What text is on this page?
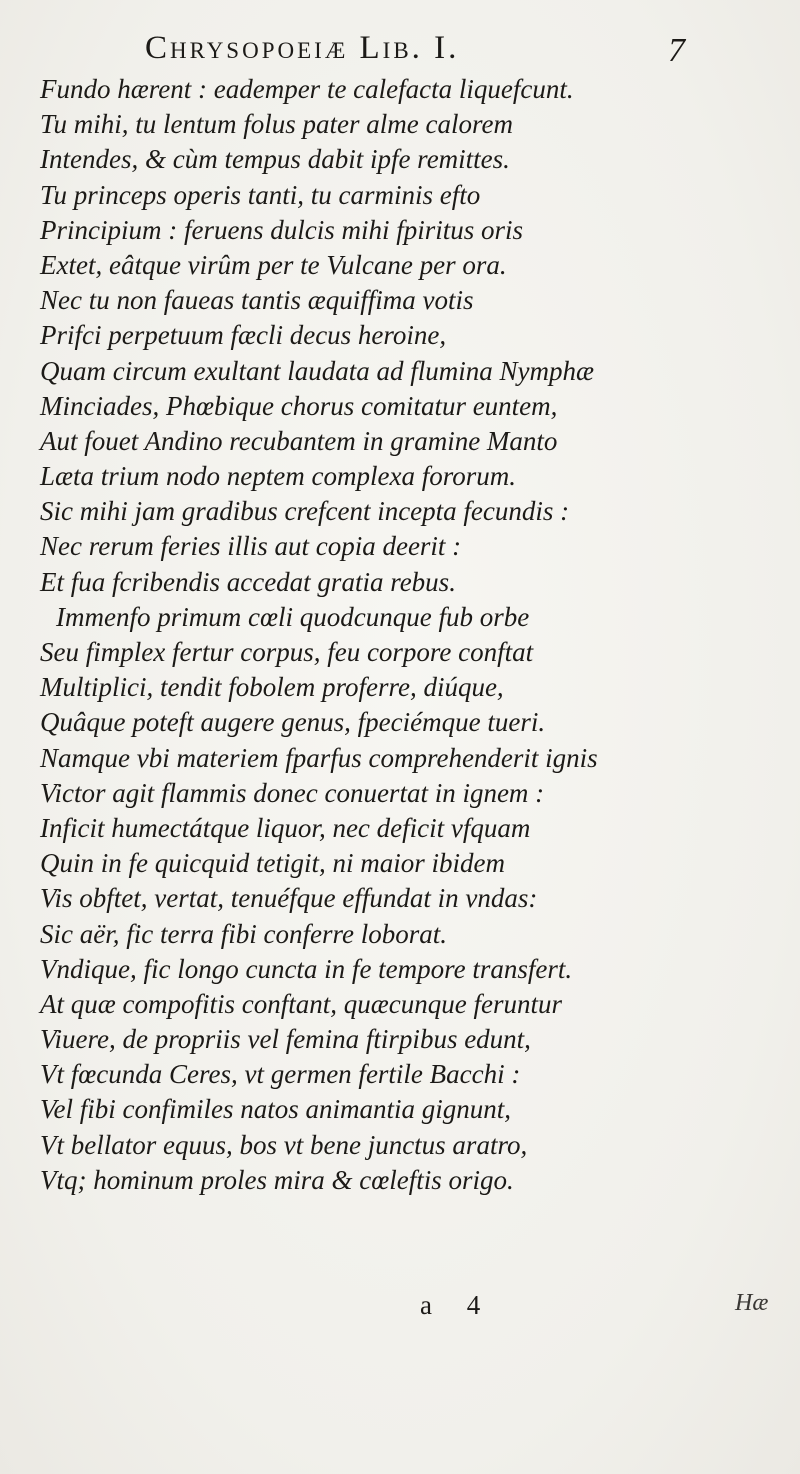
Chrysopoeiæ Lib. I.	7
Fundo hærent : eademper te calefacta liquefcunt.
Tu mihi, tu lentum folus pater alme calorem
Intendes, & cùm tempus dabit ipfe remittes.
Tu princeps operis tanti, tu carminis efto
Principium : feruens dulcis mihi fpiritus oris
Extet, eâtque virûm per te Vulcane per ora.
Nec tu non faueas tantis æquiffima votis
Prifci perpetuum fæcli decus heroine,
Quam circum exultant laudata ad flumina Nymphæ
Minciades, Phœbique chorus comitatur euntem,
Aut fouet Andino recubantem in gramine Manto
Læta trium nodo neptem complexa fororum.
Sic mihi jam gradibus crefcent incepta fecundis :
Nec rerum feries illis aut copia deerit :
Et fua fcribendis accedat gratia rebus.
Immenfo primum cœli quodcunque fub orbe
Seu fimplex fertur corpus, feu corpore conftat
Multiplici, tendit fobolem proferre, diúque,
Quâque poteft augere genus, fpeciémque tueri.
Namque vbi materiem fparfus comprehenderit ignis
Victor agit flammis donec conuertat in ignem :
Inficit humectátque liquor, nec deficit vfquam
Quin in fe quicquid tetigit, ni maior ibidem
Vis obftet, vertat, tenuéfque effundat in vndas:
Sic aër, fic terra fibi conferre loborat.
Vndique, fic longo cuncta in fe tempore transfert.
At quæ compofitis conftant, quæcunque feruntur
Viuere, de propriis vel femina ftirpibus edunt,
Vt fœcunda Ceres, vt germen fertile Bacchi :
Vel fibi confimiles natos animantia gignunt,
Vt bellator equus, bos vt bene junctus aratro,
Vtq; hominum proles mira & cœleftis origo.
a 4	Hæ
